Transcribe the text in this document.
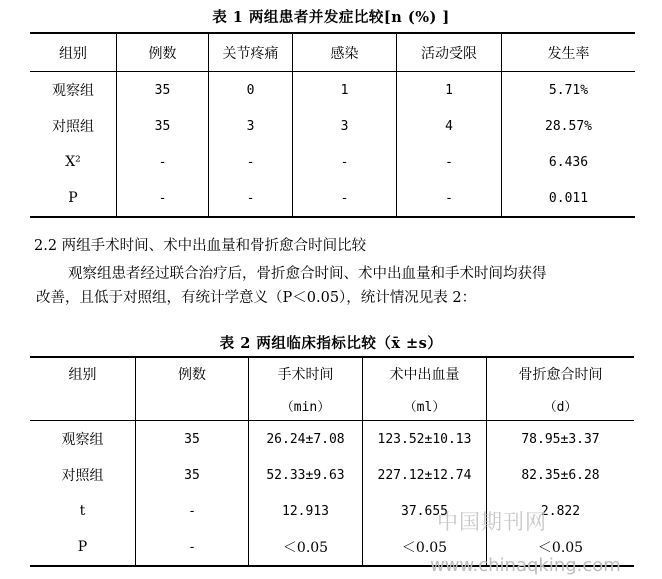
表 1 两组患者并发症比较[n (%) ]
组别	例数	关节疼痛	感染	活动受限	发生率
观察组	35	0	1	1	5.71%
对照组	35	3	3	4	28.57%
X²	-	-	-	-	6.436
P	-	-	-	-	0.011
2.2 两组手术时间、术中出血量和骨折愈合时间比较
观察组患者经过联合治疗后，骨折愈合时间、术中出血量和手术时间均获得
改善，且低于对照组，有统计学意义（P＜0.05），统计情况见表 2：
表 2 两组临床指标比较（x̄ ±s）
组别	例数	手术时间	术中出血量	骨折愈合时间
		（min）	（ml）	（d）
观察组	35	26.24±7.08	123.52±10.13	78.95±3.37
对照组	35	52.33±9.63	227.12±12.74	82.35±6.28
t	-	12.913	37.655	2.822
P	-	＜0.05	＜0.05	＜0.05
中国期刊网
www.chinaqking.com
